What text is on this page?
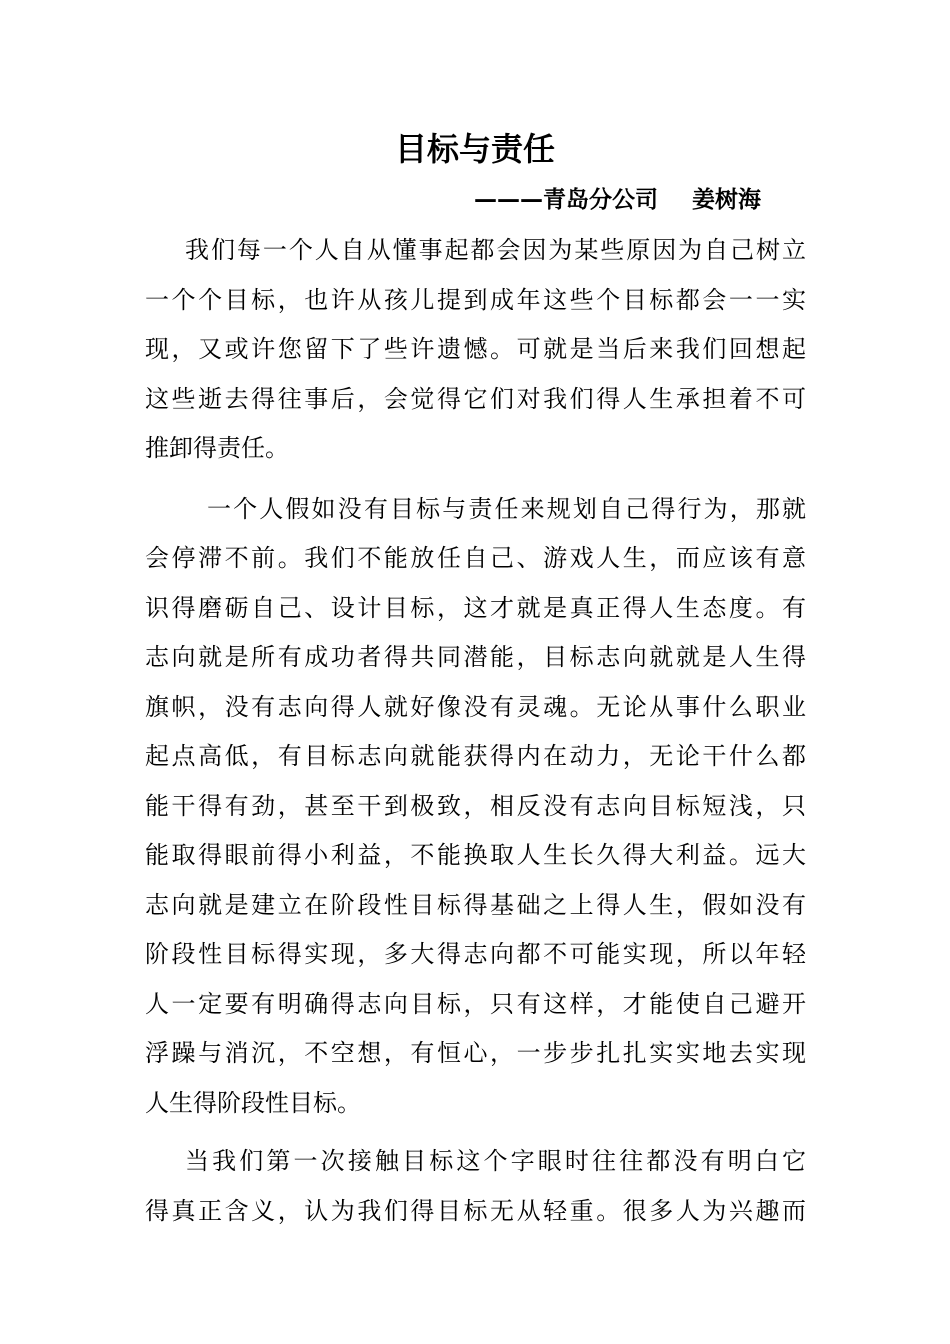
目标与责任
———青岛分公司 姜树海
我们每一个人自从懂事起都会因为某些原因为自己树立
一个个目标，也许从孩儿提到成年这些个目标都会一一实
现，又或许您留下了些许遗憾。可就是当后来我们回想起
这些逝去得往事后，会觉得它们对我们得人生承担着不可
推卸得责任。
一个人假如没有目标与责任来规划自己得行为，那就
会停滞不前。我们不能放任自己、游戏人生，而应该有意
识得磨砺自己、设计目标，这才就是真正得人生态度。有
志向就是所有成功者得共同潜能，目标志向就就是人生得
旗帜，没有志向得人就好像没有灵魂。无论从事什么职业
起点高低，有目标志向就能获得内在动力，无论干什么都
能干得有劲，甚至干到极致，相反没有志向目标短浅，只
能取得眼前得小利益，不能换取人生长久得大利益。远大
志向就是建立在阶段性目标得基础之上得人生，假如没有
阶段性目标得实现，多大得志向都不可能实现，所以年轻
人一定要有明确得志向目标，只有这样，才能使自己避开
浮躁与消沉，不空想，有恒心，一步步扎扎实实地去实现
人生得阶段性目标。
当我们第一次接触目标这个字眼时往往都没有明白它
得真正含义，认为我们得目标无从轻重。很多人为兴趣而
